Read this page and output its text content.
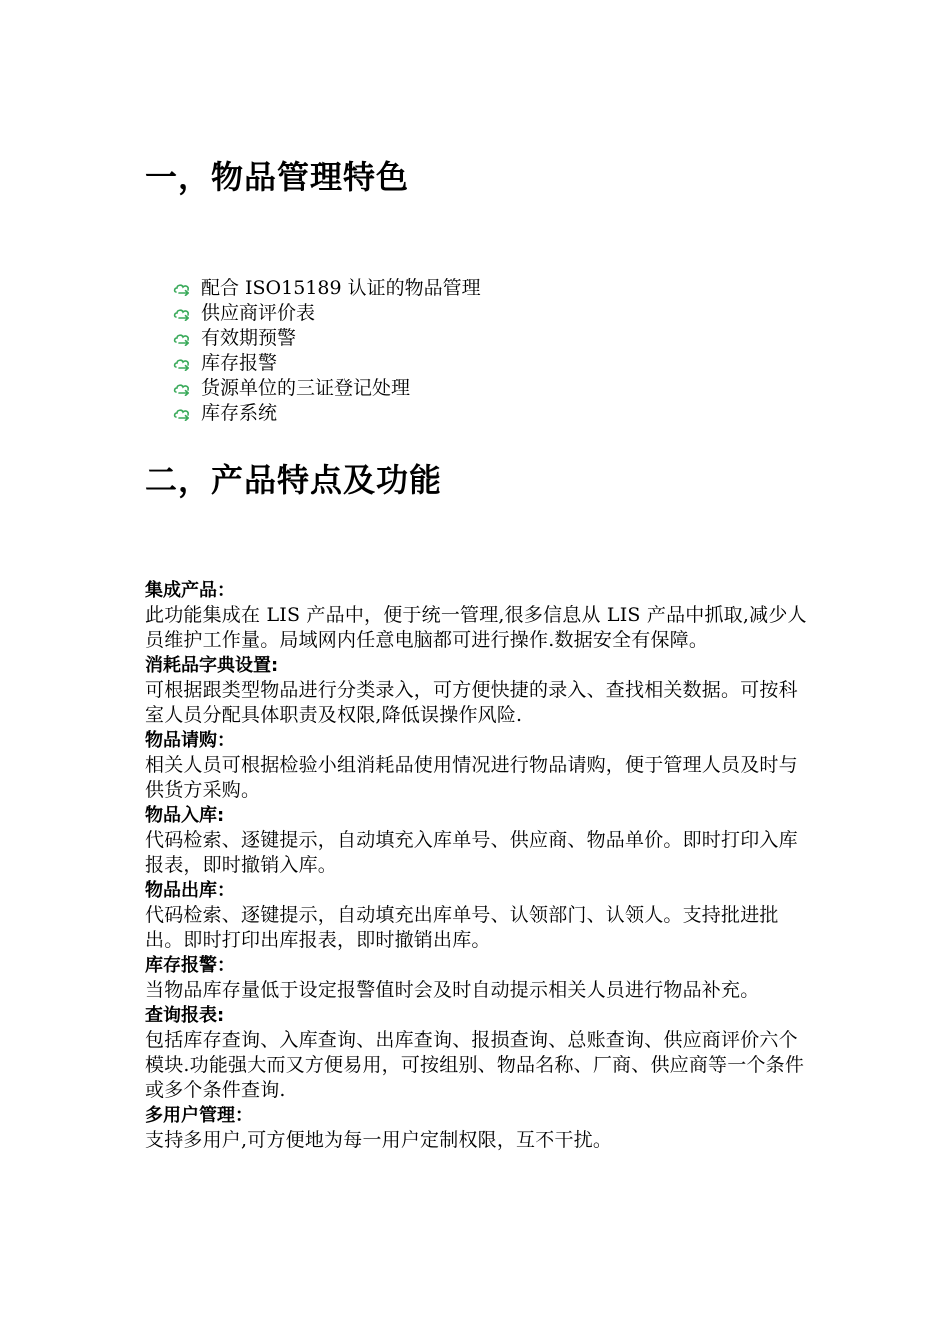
一，物品管理特色
配合 ISO15189 认证的物品管理
供应商评价表
有效期预警
库存报警
货源单位的三证登记处理
库存系统
二，产品特点及功能

集成产品：

此功能集成在 LIS 产品中，便于统一管理,很多信息从 LIS 产品中抓取,减少人员维护工作量。局域网内任意电脑都可进行操作.数据安全有保障。

消耗品字典设置:

可根据跟类型物品进行分类录入，可方便快捷的录入、查找相关数据。可按科室人员分配具体职责及权限,降低误操作风险.

物品请购：

相关人员可根据检验小组消耗品使用情况进行物品请购，便于管理人员及时与供货方采购。

物品入库:

代码检索、逐键提示，自动填充入库单号、供应商、物品单价。即时打印入库报表，即时撤销入库。

物品出库：

代码检索、逐键提示，自动填充出库单号、认领部门、认领人。支持批进批出。即时打印出库报表，即时撤销出库。

库存报警：

当物品库存量低于设定报警值时会及时自动提示相关人员进行物品补充。

查询报表:

包括库存查询、入库查询、出库查询、报损查询、总账查询、供应商评价六个模块.功能强大而又方便易用，可按组别、物品名称、厂商、供应商等一个条件或多个条件查询.

多用户管理：

支持多用户,可方便地为每一用户定制权限，互不干扰。
